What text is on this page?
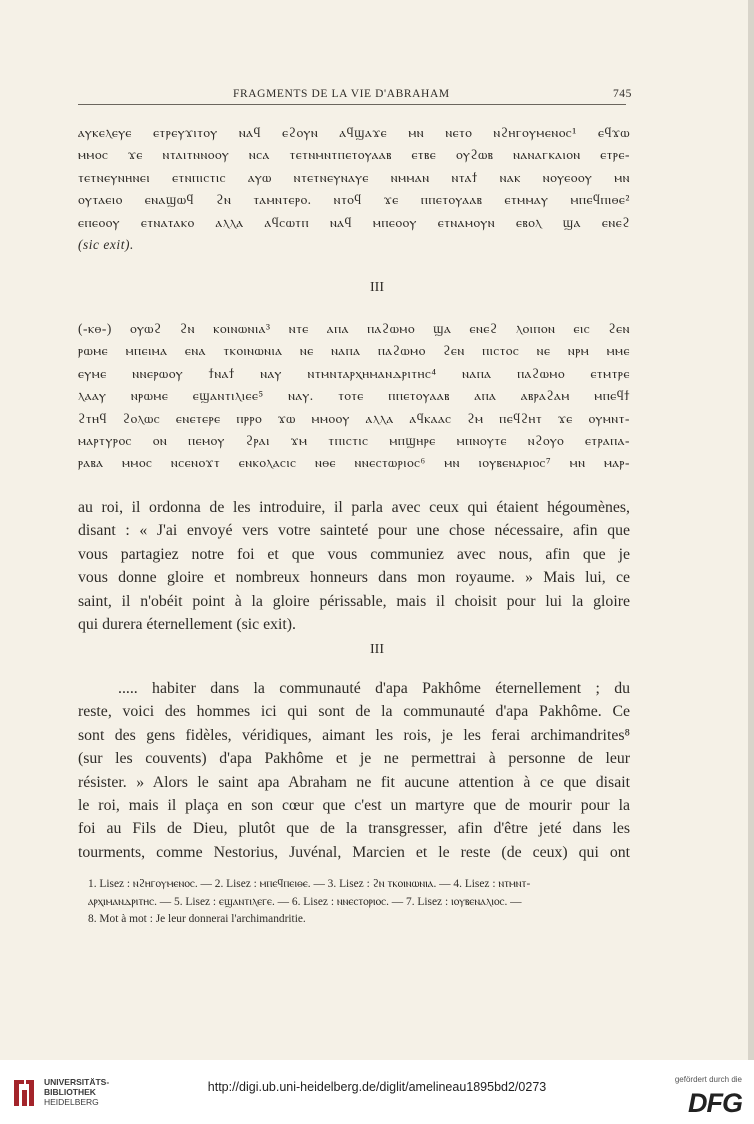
FRAGMENTS DE LA VIE D'ABRAHAM	745
ⲁⲩⲕⲉⲗⲉⲩⲉ ⲉⲧⲣⲉⲩϫⲓⲧⲟⲩ ⲛⲁϥ ⲉϩⲟⲩⲛ ⲁϥϣⲁϫⲉ ⲙⲛ ⲛⲉⲧⲟ ⲛϩⲏⲅⲟⲩⲙⲉⲛⲟⲥ¹ ⲉϥϫⲱ
ⲙⲙⲟⲥ ϫⲉ ⲛⲧⲁⲓⲧⲛⲛⲟⲟⲩ ⲛⲥⲁ ⲧⲉⲧⲛⲙⲛⲧⲡⲉⲧⲟⲩⲁⲁⲃ ⲉⲧⲃⲉ ⲟⲩϩⲱⲃ ⲛⲁⲛⲁⲅⲕⲁⲓⲟⲛ ⲉⲧⲣⲉ-
ⲧⲉⲧⲛⲉⲩⲛⲏⲛⲉⲓ ⲉⲧⲛⲡⲓⲥⲧⲓⲥ ⲁⲩⲱ ⲛⲧⲉⲧⲛⲉⲩⲛⲁⲩⲉ ⲛⲙⲙⲁⲛ ⲛⲧⲁϯ ⲛⲁⲕ ⲛⲟⲩⲉⲟⲟⲩ ⲙⲛ
ⲟⲩⲧⲁⲉⲓⲟ ⲉⲛⲁϣⲱϥ ϩⲛ ⲧⲁⲙⲛⲧⲉⲣⲟ. ⲛⲧⲟϥ ϫⲉ ⲡⲡⲉⲧⲟⲩⲁⲁⲃ ⲉⲧⲙⲙⲁⲩ ⲙⲡⲉϥⲡⲓⲑⲉ²
ⲉⲡⲉⲟⲟⲩ ⲉⲧⲛⲁⲧⲁⲕⲟ ⲁⲗⲗⲁ ⲁϥⲥⲱⲧⲡ ⲛⲁϥ ⲙⲡⲉⲟⲟⲩ ⲉⲧⲛⲁⲙⲟⲩⲛ ⲉⲃⲟⲗ ϣⲁ ⲉⲛⲉϩ
(sic exit).
III
(-ⲕⲑ-) ⲟⲩⲱϩ ϩⲛ ⲕⲟⲓⲛⲱⲛⲓⲁ³ ⲛⲧⲉ ⲁⲡⲁ ⲡⲁϩⲱⲙⲟ ϣⲁ ⲉⲛⲉϩ ⲗⲟⲓⲡⲟⲛ ⲉⲓⲥ ϩⲉⲛ
ⲣⲱⲙⲉ ⲙⲡⲉⲓⲙⲁ ⲉⲛⲁ ⲧⲕⲟⲓⲛⲱⲛⲓⲁ ⲛⲉ ⲛⲁⲡⲁ ⲡⲁϩⲱⲙⲟ ϩⲉⲛ ⲡⲓⲥⲧⲟⲥ ⲛⲉ ⲛⲣⲙ ⲙⲙⲉ
ⲉⲩⲙⲉ ⲛⲛⲉⲣⲱⲟⲩ ϯⲛⲁϯ ⲛⲁⲩ ⲛⲧⲙⲛⲧⲁⲣⲭⲏⲙⲁⲛⲇⲣⲓⲧⲏⲥ⁴ ⲛⲁⲡⲁ ⲡⲁϩⲱⲙⲟ ⲉⲧⲙⲧⲣⲉ
ⲗⲁⲁⲩ ⲛⲣⲱⲙⲉ ⲉϣⲁⲛⲧⲓⲗⲓⲉⲉ⁵ ⲛⲁⲩ. ⲧⲟⲧⲉ ⲡⲡⲉⲧⲟⲩⲁⲁⲃ ⲁⲡⲁ ⲁⲃⲣⲁϩⲁⲙ ⲙⲡⲉϥϯ
ϩⲧⲏϥ ϩⲟⲗⲱⲥ ⲉⲛⲉⲧⲉⲣⲉ ⲡⲣⲣⲟ ϫⲱ ⲙⲙⲟⲟⲩ ⲁⲗⲗⲁ ⲁϥⲕⲁⲁⲥ ϩⲙ ⲡⲉϥϩⲏⲧ ϫⲉ ⲟⲩⲙⲛⲧ-
ⲙⲁⲣⲧⲩⲣⲟⲥ ⲟⲛ ⲡⲉⲙⲟⲩ ϩⲣⲁⲓ ϫⲙ ⲧⲡⲓⲥⲧⲓⲥ ⲙⲡϣⲏⲣⲉ ⲙⲡⲛⲟⲩⲧⲉ ⲛϩⲟⲩⲟ ⲉⲧⲣⲁⲡⲁ-
ⲣⲁⲃⲁ ⲙⲙⲟⲥ ⲛⲥⲉⲛⲟϫⲧ ⲉⲛⲕⲟⲗⲁⲥⲓⲥ ⲛⲑⲉ ⲛⲛⲉⲥⲧⲱⲣⲓⲟⲥ⁶ ⲙⲛ ⲓⲟⲩⲃⲉⲛⲁⲣⲓⲟⲥ⁷ ⲙⲛ ⲙⲁⲣ-
au roi, il ordonna de les introduire, il parla avec ceux qui étaient hégoumènes,
disant : « J'ai envoyé vers votre sainteté pour une chose nécessaire, afin que
vous partagiez notre foi et que vous communiez avec nous, afin que je
vous donne gloire et nombreux honneurs dans mon royaume. » Mais lui, ce
saint, il n'obéit point à la gloire périssable, mais il choisit pour lui la gloire
qui durera éternellement (sic exit).
III
..... habiter dans la communauté d'apa Pakhôme éternellement ; du
reste, voici des hommes ici qui sont de la communauté d'apa Pakhôme. Ce
sont des gens fidèles, véridiques, aimant les rois, je les ferai archimandrites⁸
(sur les couvents) d'apa Pakhôme et je ne permettrai à personne de leur
résister. » Alors le saint apa Abraham ne fit aucune attention à ce que disait
le roi, mais il plaça en son cœur que c'est un martyre que de mourir pour la
foi au Fils de Dieu, plutôt que de la transgresser, afin d'être jeté dans les
tourments, comme Nestorius, Juvénal, Marcien et le reste (de ceux) qui ont
1. Lisez : ⲛϩⲏⲅⲟⲩⲙⲉⲛⲟⲥ. — 2. Lisez : ⲙⲡⲉϥⲡⲉⲓⲑⲉ. — 3. Lisez : ϩⲛ ⲧⲕⲟⲓⲛⲱⲛⲓⲁ. — 4. Lisez : ⲛⲧⲙⲛⲧ-
ⲁⲣⲭⲓⲙⲁⲛⲇⲣⲓⲧⲏⲥ. — 5. Lisez : ⲉϣⲁⲛⲧⲓⲗⲉⲅⲉ. — 6. Lisez : ⲛⲛⲉⲥⲧⲟⲣⲓⲟⲥ. — 7. Lisez : ⲓⲟⲩⲃⲉⲛⲁⲗⲓⲟⲥ. —
8. Mot à mot : Je leur donnerai l'archimandritie.
UNIVERSITÄTS-
BIBLIOTHEK
HEIDELBERG
http://digi.ub.uni-heidelberg.de/diglit/amelineau1895bd2/0273
gefördert durch die
DFG
